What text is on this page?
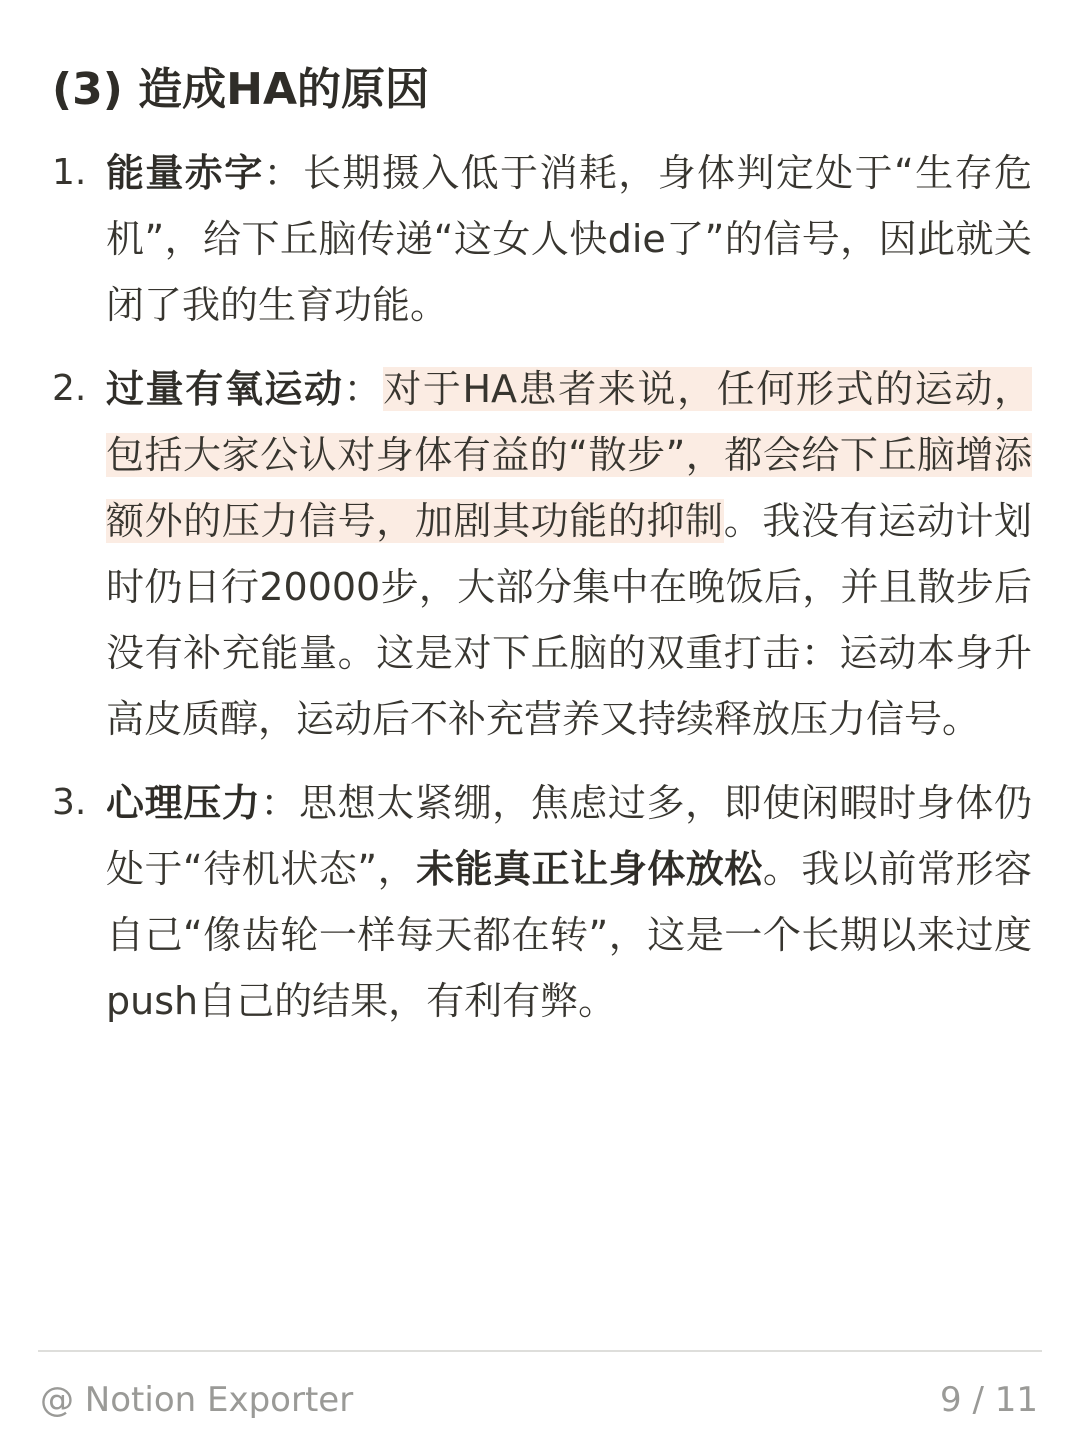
(3) 造成HA的原因
1. 能量赤字：长期摄入低于消耗，身体判定处于“生存危机”，给下丘脑传递“这女人快die了”的信号，因此就关闭了我的生育功能。
2. 过量有氧运动：对于HA患者来说，任何形式的运动，包括大家公认对身体有益的“散步”，都会给下丘脑增添额外的压力信号，加剧其功能的抑制。我没有运动计划时仍日行20000步，大部分集中在晚饭后，并且散步后没有补充能量。这是对下丘脑的双重打击：运动本身升高皮质醇，运动后不补充营养又持续释放压力信号。
3. 心理压力：思想太紧绷，焦虑过多，即使闲暇时身体仍处于“待机状态”，未能真正让身体放松。我以前常形容自己“像齿轮一样每天都在转”，这是一个长期以来过度push自己的结果，有利有弊。
@ Notion Exporter	9 / 11
